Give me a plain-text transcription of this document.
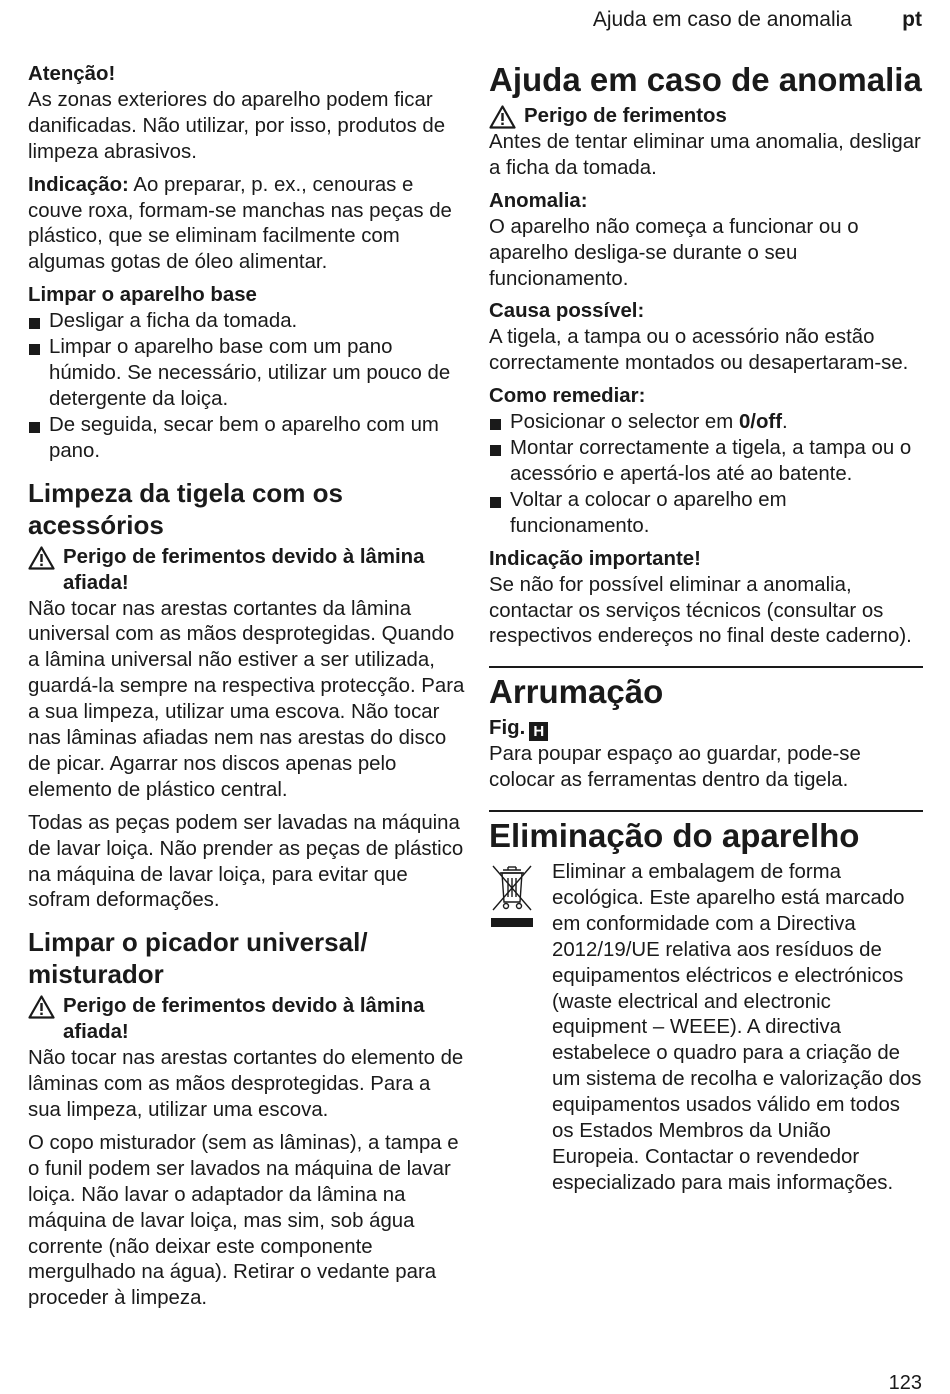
Ajuda em caso de anomalia pt
Atenção!
As zonas exteriores do aparelho podem ficar danificadas. Não utilizar, por isso, produtos de limpeza abrasivos.
Indicação: Ao preparar, p. ex., cenouras e couve roxa, formam-se manchas nas peças de plástico, que se eliminam facilmente com algumas gotas de óleo alimentar.
Limpar o aparelho base
Desligar a ficha da tomada.
Limpar o aparelho base com um pano húmido. Se necessário, utilizar um pouco de detergente da loiça.
De seguida, secar bem o aparelho com um pano.
Limpeza da tigela com os acessórios
Perigo de ferimentos devido à lâmina afiada!
Não tocar nas arestas cortantes da lâmina universal com as mãos desprotegidas. Quando a lâmina universal não estiver a ser utilizada, guardá-la sempre na respectiva protecção. Para a sua limpeza, utilizar uma escova. Não tocar nas lâminas afiadas nem nas arestas do disco de picar. Agarrar nos discos apenas pelo elemento de plástico central.
Todas as peças podem ser lavadas na máquina de lavar loiça. Não prender as peças de plástico na máquina de lavar loiça, para evitar que sofram deformações.
Limpar o picador universal/ misturador
Perigo de ferimentos devido à lâmina afiada!
Não tocar nas arestas cortantes do elemento de lâminas com as mãos desprotegidas. Para a sua limpeza, utilizar uma escova.
O copo misturador (sem as lâminas), a tampa e o funil podem ser lavados na máquina de lavar loiça. Não lavar o adaptador da lâmina na máquina de lavar loiça, mas sim, sob água corrente (não deixar este componente mergulhado na água). Retirar o vedante para proceder à limpeza.
Ajuda em caso de anomalia
Perigo de ferimentos
Antes de tentar eliminar uma anomalia, desligar a ficha da tomada.
Anomalia:
O aparelho não começa a funcionar ou o aparelho desliga-se durante o seu funcionamento.
Causa possível:
A tigela, a tampa ou o acessório não estão correctamente montados ou desapertaram-se.
Como remediar:
Posicionar o selector em 0/off.
Montar correctamente a tigela, a tampa ou o acessório e apertá-los até ao batente.
Voltar a colocar o aparelho em funcionamento.
Indicação importante!
Se não for possível eliminar a anomalia, contactar os serviços técnicos (consultar os respectivos endereços no final deste caderno).
Arrumação
Fig. H
Para poupar espaço ao guardar, pode-se colocar as ferramentas dentro da tigela.
Eliminação do aparelho
Eliminar a embalagem de forma ecológica. Este aparelho está marcado em conformidade com a Directiva 2012/19/UE relativa aos resíduos de equipamentos eléctricos e electrónicos (waste electrical and electronic equipment – WEEE). A directiva estabelece o quadro para a criação de um sistema de recolha e valorização dos equipamentos usados válido em todos os Estados Membros da União Europeia. Contactar o revendedor especializado para mais informações.
123
